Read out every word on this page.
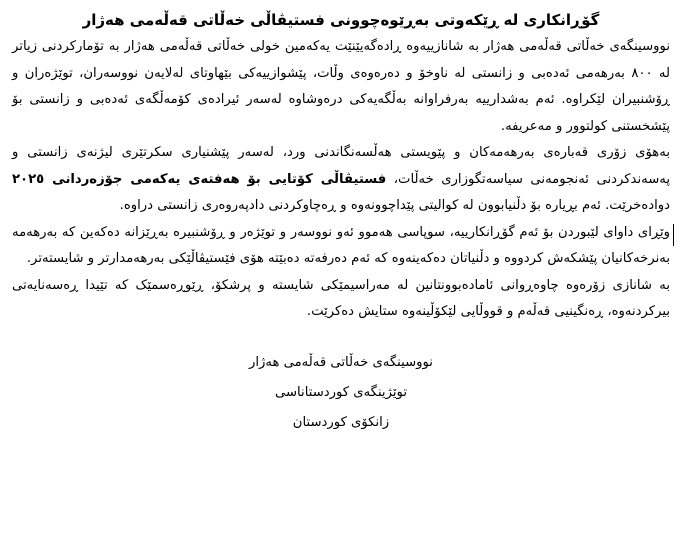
گۆڕانکاری لە ڕێکەوتی بەڕێوەچوونی فستیڤاڵی خەڵاتی قەڵەمی هەژار

نووسینگەی خەڵاتی قەڵەمی هەژار بە شانازییەوە ڕادەگەیێنێت یەکەمین خولی خەڵاتی قەڵەمی هەژار بە تۆمارکردنی زیاتر لە ٨٠٠ بەرهەمی ئەدەبی و زانستی لە ناوخۆ و دەرەوەی وڵات، پێشوازییەکی بێهاوتای لەلایەن نووسەران، توێژەران و ڕۆشنبیران لێکراوە. ئەم بەشدارییە بەرفراوانە بەڵگەیەکی درەوشاوە لەسەر ئیرادەی کۆمەڵگەی ئەدەبی و زانستی بۆ پێشخستنی کولتوور و مەعریفە.

بەهۆی زۆری قەبارەی بەرهەمەکان و پێویستی هەڵسەنگاندنی ورد، لەسەر پێشنیاری سکرتێری لیژنەی زانستی و پەسەندکردنی ئەنجومەنی سیاسەتگوزاری خەڵات، فستیڤاڵی کۆتایی بۆ هەفتەی یەکەمی جۆزەردانی ٢٠٢٥ دوادەخرێت. ئەم بڕیارە بۆ دڵنیابوون لە کوالیتی پێداچوونەوە و ڕەچاوکردنی دادپەروەری زانستی دراوە.

وێڕای داوای لێبوردن بۆ ئەم گۆڕانکارییە، سوپاسی هەموو ئەو نووسەر و توێژەر و ڕۆشنبیرە بەڕێزانە دەکەین کە بەرهەمە بەنرخەکانیان پێشکەش کردووە و دڵنیاتان دەکەینەوە کە ئەم دەرفەتە دەبێتە هۆی فێستیڤاڵێکی بەرهەمدارتر و شایستەتر.

بە شانازی زۆرەوە چاوەڕوانی ئامادەبوونتانین لە مەراسیمێکی شایستە و پرشکۆ، ڕێوڕەسمێک کە تێیدا ڕەسەنایەتی بیرکردنەوە، ڕەنگینیی قەڵەم و قووڵایی لێکۆڵینەوە ستایش دەکرێت.

نووسینگەی خەڵاتی قەڵەمی هەژار
توێژینگەی کوردستاناسی
زانکۆی کوردستان
